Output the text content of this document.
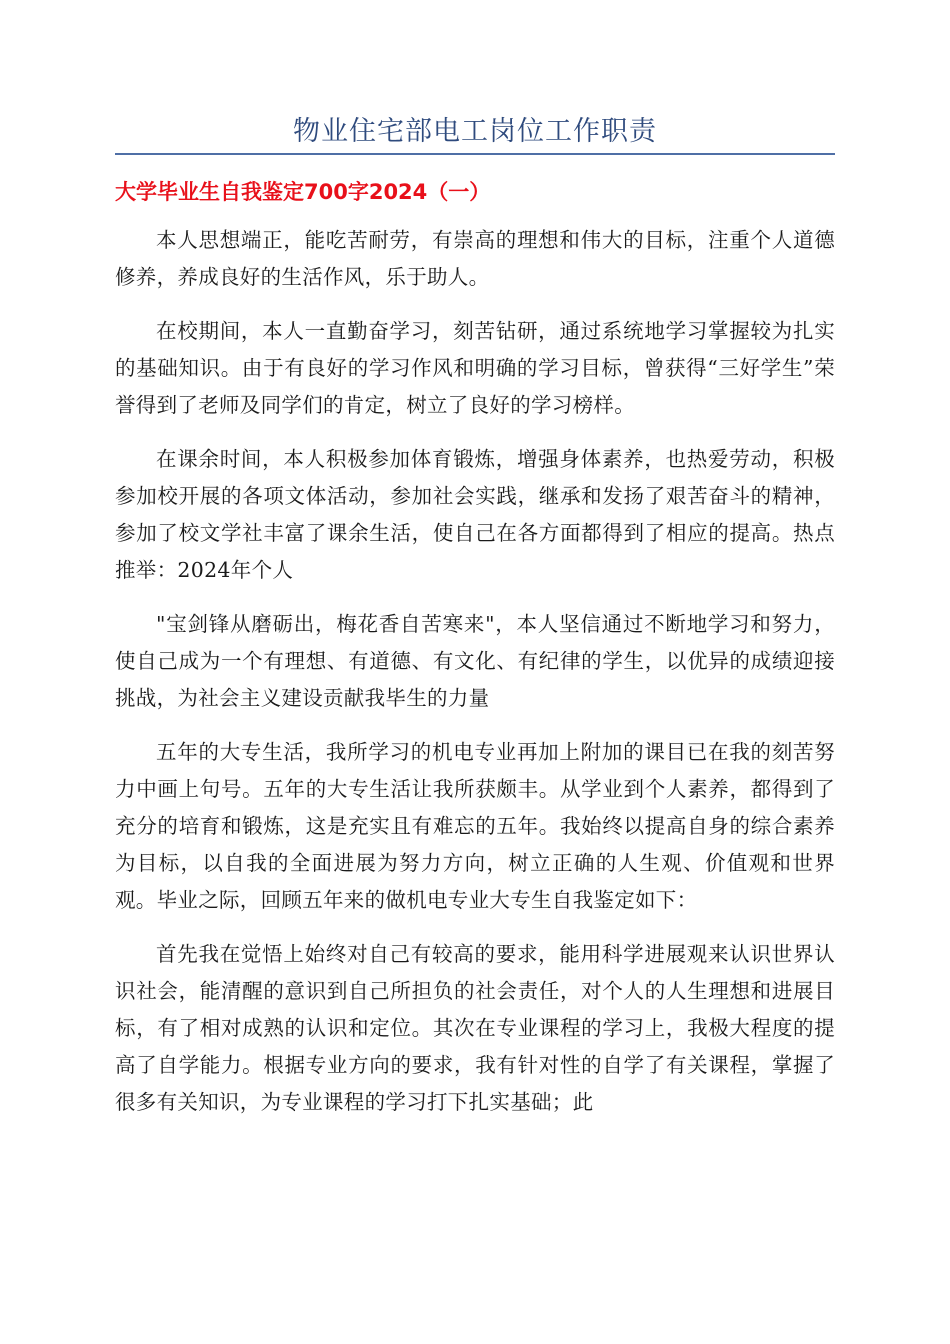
物业住宅部电工岗位工作职责
大学毕业生自我鉴定700字2024（一）

本人思想端正，能吃苦耐劳，有崇高的理想和伟大的目标，注重个人道德修养，养成良好的生活作风，乐于助人。

在校期间，本人一直勤奋学习，刻苦钻研，通过系统地学习掌握较为扎实的基础知识。由于有良好的学习作风和明确的学习目标，曾获得“三好学生”荣誉得到了老师及同学们的肯定，树立了良好的学习榜样。

在课余时间，本人积极参加体育锻炼，增强身体素养，也热爱劳动，积极参加校开展的各项文体活动，参加社会实践，继承和发扬了艰苦奋斗的精神，参加了校文学社丰富了课余生活，使自己在各方面都得到了相应的提高。热点推举：2024年个人

"宝剑锋从磨砺出，梅花香自苦寒来"，本人坚信通过不断地学习和努力，使自己成为一个有理想、有道德、有文化、有纪律的学生，以优异的成绩迎接挑战，为社会主义建设贡献我毕生的力量

五年的大专生活，我所学习的机电专业再加上附加的课目已在我的刻苦努力中画上句号。五年的大专生活让我所获颇丰。从学业到个人素养，都得到了充分的培育和锻炼，这是充实且有难忘的五年。我始终以提高自身的综合素养为目标，以自我的全面进展为努力方向，树立正确的人生观、价值观和世界观。毕业之际，回顾五年来的做机电专业大专生自我鉴定如下：

首先我在觉悟上始终对自己有较高的要求，能用科学进展观来认识世界认识社会，能清醒的意识到自己所担负的社会责任，对个人的人生理想和进展目标，有了相对成熟的认识和定位。其次在专业课程的学习上，我极大程度的提高了自学能力。根据专业方向的要求，我有针对性的自学了有关课程，掌握了很多有关知识，为专业课程的学习打下扎实基础；此
